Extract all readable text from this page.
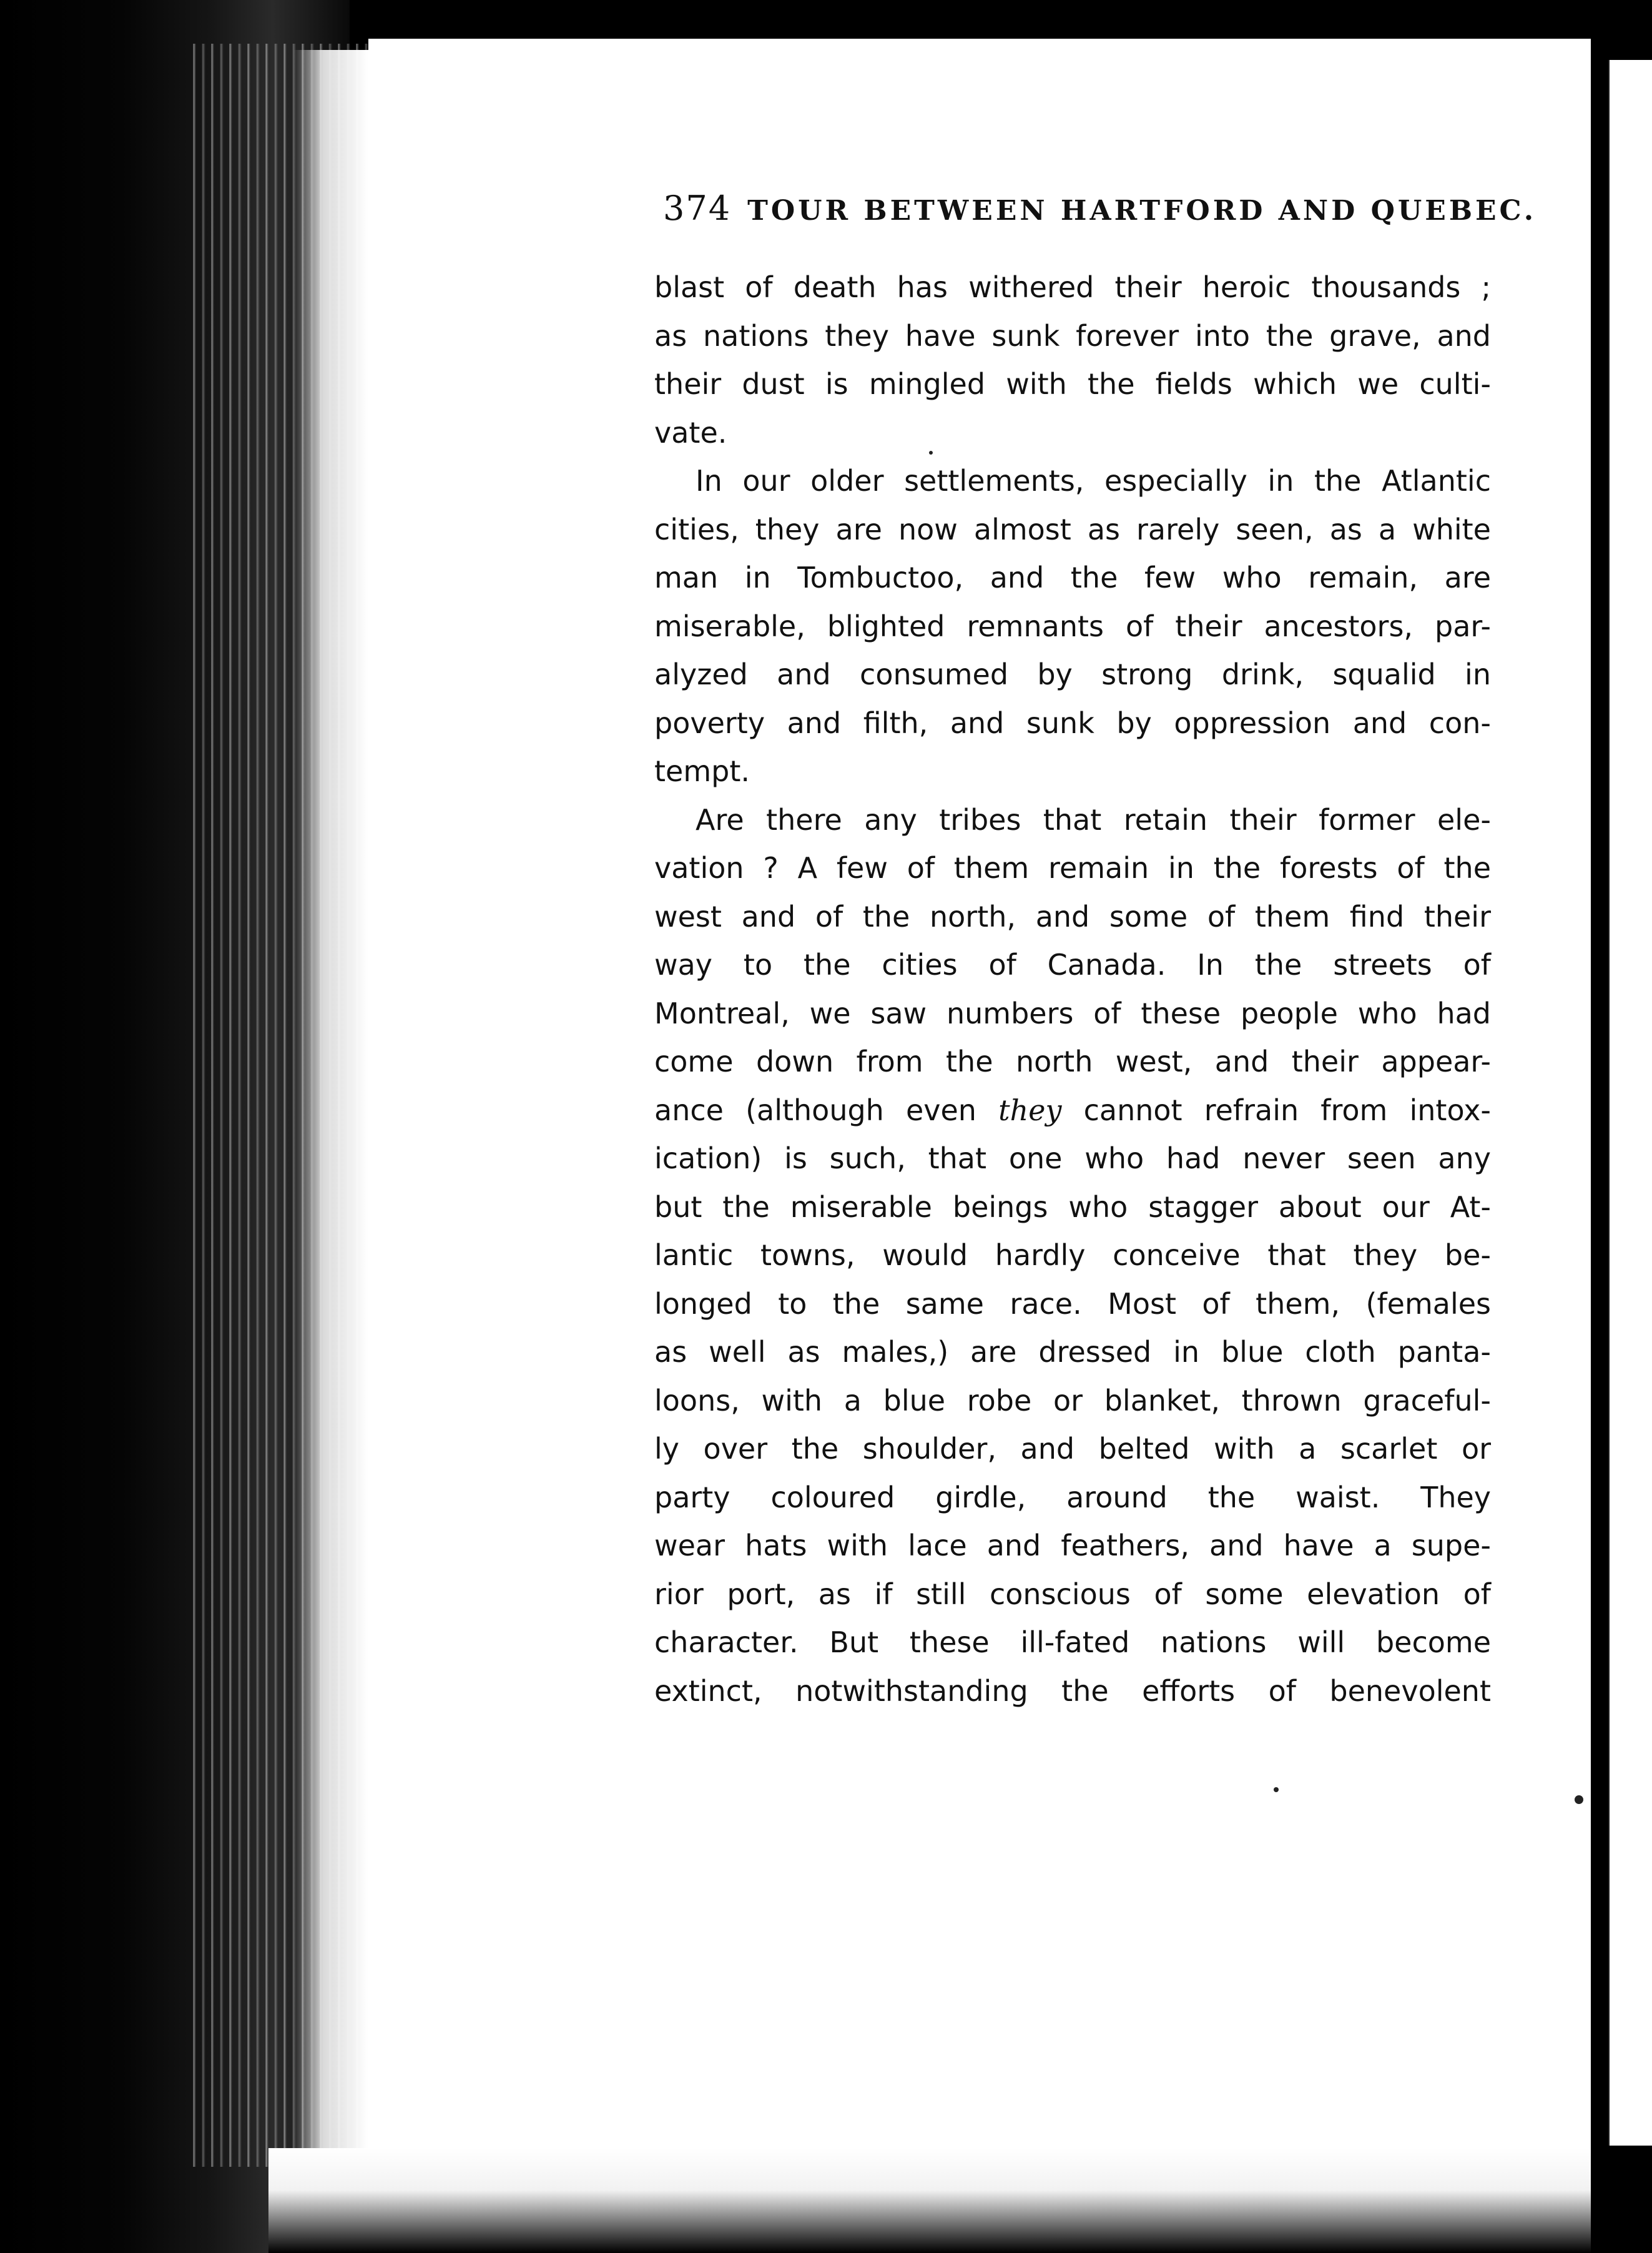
374 TOUR BETWEEN HARTFORD AND QUEBEC.
blast of death has withered their heroic thousands ;
as nations they have sunk forever into the grave, and
their dust is mingled with the fields which we culti-
vate.
In our older settlements, especially in the Atlantic
cities, they are now almost as rarely seen, as a white
man in Tombuctoo, and the few who remain, are
miserable, blighted remnants of their ancestors, par-
alyzed and consumed by strong drink, squalid in
poverty and filth, and sunk by oppression and con-
tempt.
Are there any tribes that retain their former ele-
vation ? A few of them remain in the forests of the
west and of the north, and some of them find their
way to the cities of Canada. In the streets of
Montreal, we saw numbers of these people who had
come down from the north west, and their appear-
ance (although even they cannot refrain from intox-
ication) is such, that one who had never seen any
but the miserable beings who stagger about our At-
lantic towns, would hardly conceive that they be-
longed to the same race. Most of them, (females
as well as males,) are dressed in blue cloth panta-
loons, with a blue robe or blanket, thrown graceful-
ly over the shoulder, and belted with a scarlet or
party coloured girdle, around the waist. They
wear hats with lace and feathers, and have a supe-
rior port, as if still conscious of some elevation of
character. But these ill-fated nations will become
extinct, notwithstanding the efforts of benevolent
